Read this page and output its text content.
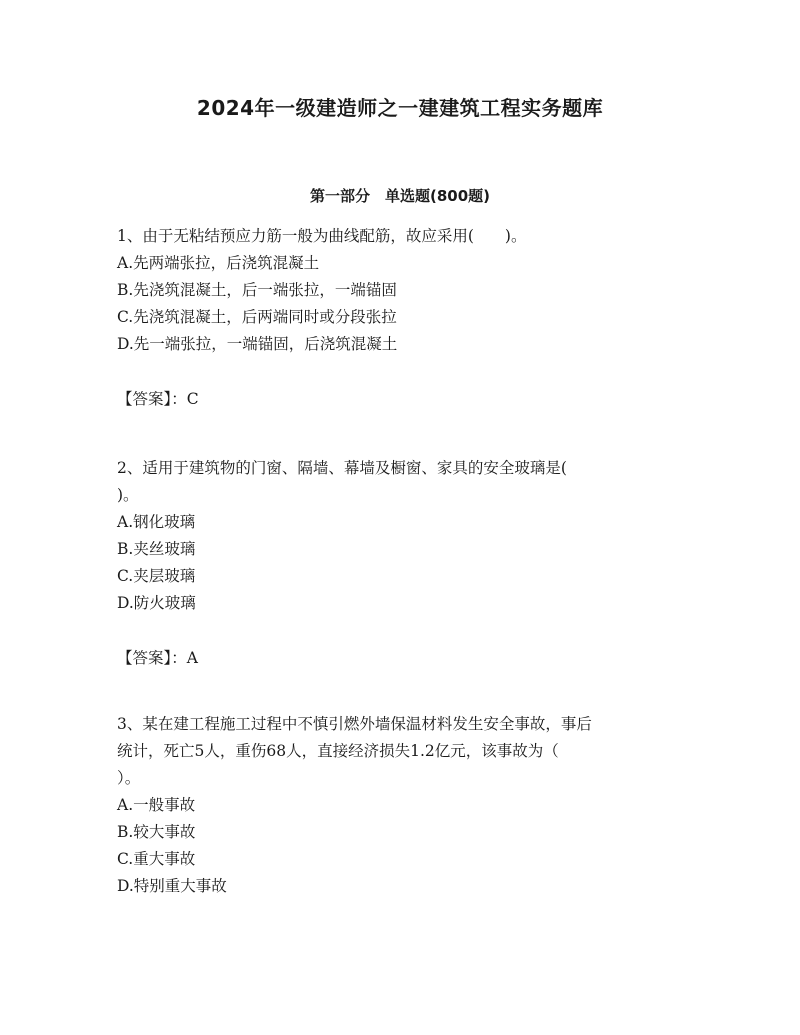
2024年一级建造师之一建建筑工程实务题库
第一部分　单选题(800题)
1、由于无粘结预应力筋一般为曲线配筋，故应采用(　　)。
A.先两端张拉，后浇筑混凝土
B.先浇筑混凝土，后一端张拉，一端锚固
C.先浇筑混凝土，后两端同时或分段张拉
D.先一端张拉，一端锚固，后浇筑混凝土
【答案】：C
2、适用于建筑物的门窗、隔墙、幕墙及橱窗、家具的安全玻璃是(
)。
A.钢化玻璃
B.夹丝玻璃
C.夹层玻璃
D.防火玻璃
【答案】：A
3、某在建工程施工过程中不慎引燃外墙保温材料发生安全事故，事后
统计，死亡5人，重伤68人，直接经济损失1.2亿元，该事故为（
）。
A.一般事故
B.较大事故
C.重大事故
D.特别重大事故
